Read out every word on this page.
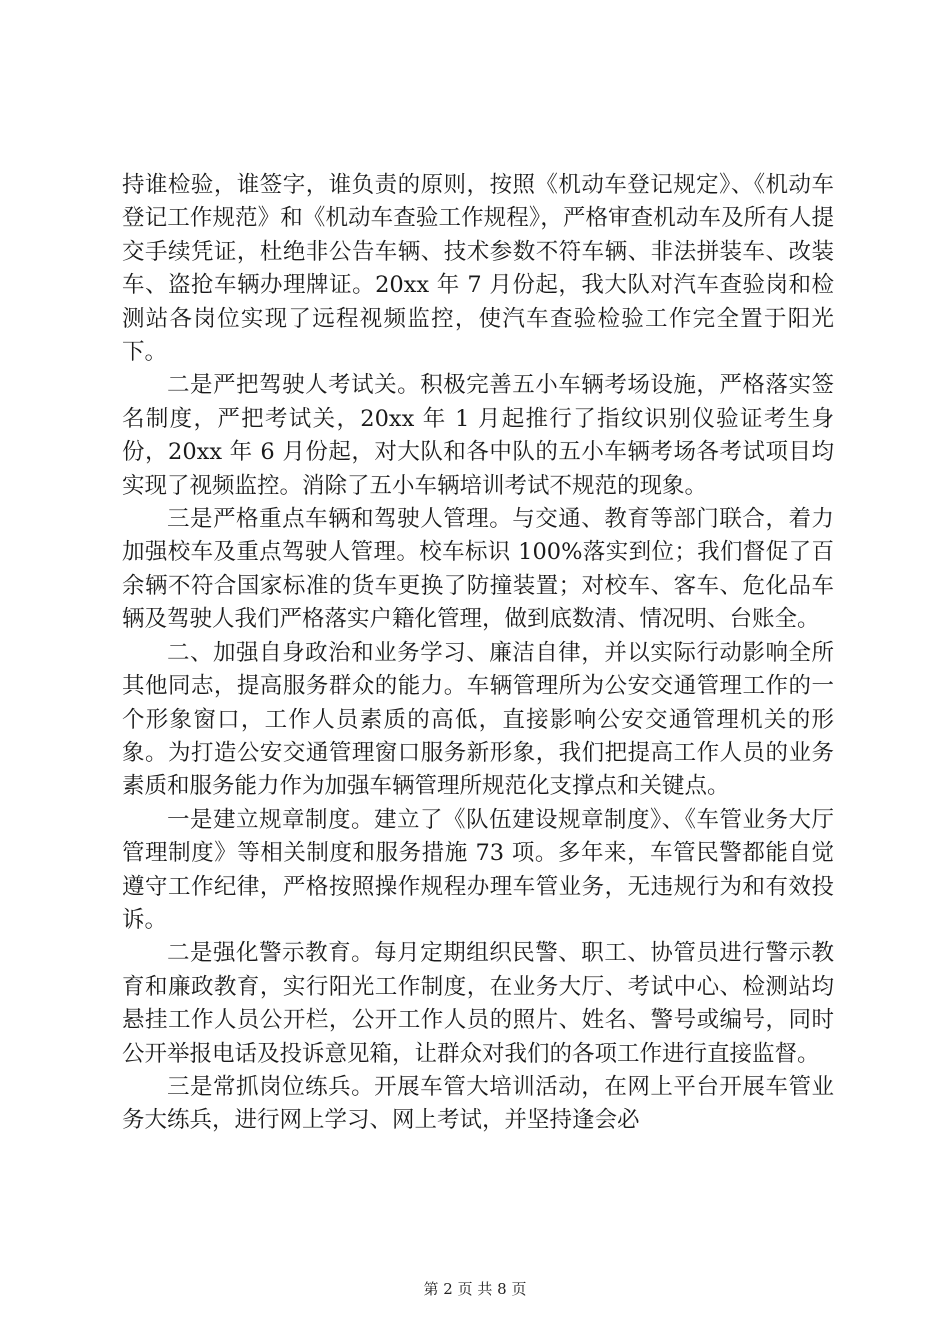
持谁检验，谁签字，谁负责的原则，按照《机动车登记规定》、《机动车登记工作规范》和《机动车查验工作规程》，严格审查机动车及所有人提交手续凭证，杜绝非公告车辆、技术参数不符车辆、非法拼装车、改装车、盗抢车辆办理牌证。20xx 年 7 月份起，我大队对汽车查验岗和检测站各岗位实现了远程视频监控，使汽车查验检验工作完全置于阳光下。

二是严把驾驶人考试关。积极完善五小车辆考场设施，严格落实签名制度，严把考试关，20xx 年 1 月起推行了指纹识别仪验证考生身份，20xx 年 6 月份起，对大队和各中队的五小车辆考场各考试项目均实现了视频监控。消除了五小车辆培训考试不规范的现象。

三是严格重点车辆和驾驶人管理。与交通、教育等部门联合，着力加强校车及重点驾驶人管理。校车标识 100%落实到位；我们督促了百余辆不符合国家标准的货车更换了防撞装置；对校车、客车、危化品车辆及驾驶人我们严格落实户籍化管理，做到底数清、情况明、台账全。

二、加强自身政治和业务学习、廉洁自律，并以实际行动影响全所其他同志，提高服务群众的能力。车辆管理所为公安交通管理工作的一个形象窗口，工作人员素质的高低，直接影响公安交通管理机关的形象。为打造公安交通管理窗口服务新形象，我们把提高工作人员的业务素质和服务能力作为加强车辆管理所规范化支撑点和关键点。

一是建立规章制度。建立了《队伍建设规章制度》、《车管业务大厅管理制度》等相关制度和服务措施 73 项。多年来，车管民警都能自觉遵守工作纪律，严格按照操作规程办理车管业务，无违规行为和有效投诉。

二是强化警示教育。每月定期组织民警、职工、协管员进行警示教育和廉政教育，实行阳光工作制度，在业务大厅、考试中心、检测站均悬挂工作人员公开栏，公开工作人员的照片、姓名、警号或编号，同时公开举报电话及投诉意见箱，让群众对我们的各项工作进行直接监督。

三是常抓岗位练兵。开展车管大培训活动，在网上平台开展车管业务大练兵，进行网上学习、网上考试，并坚持逢会必

第 2 页 共 8 页
